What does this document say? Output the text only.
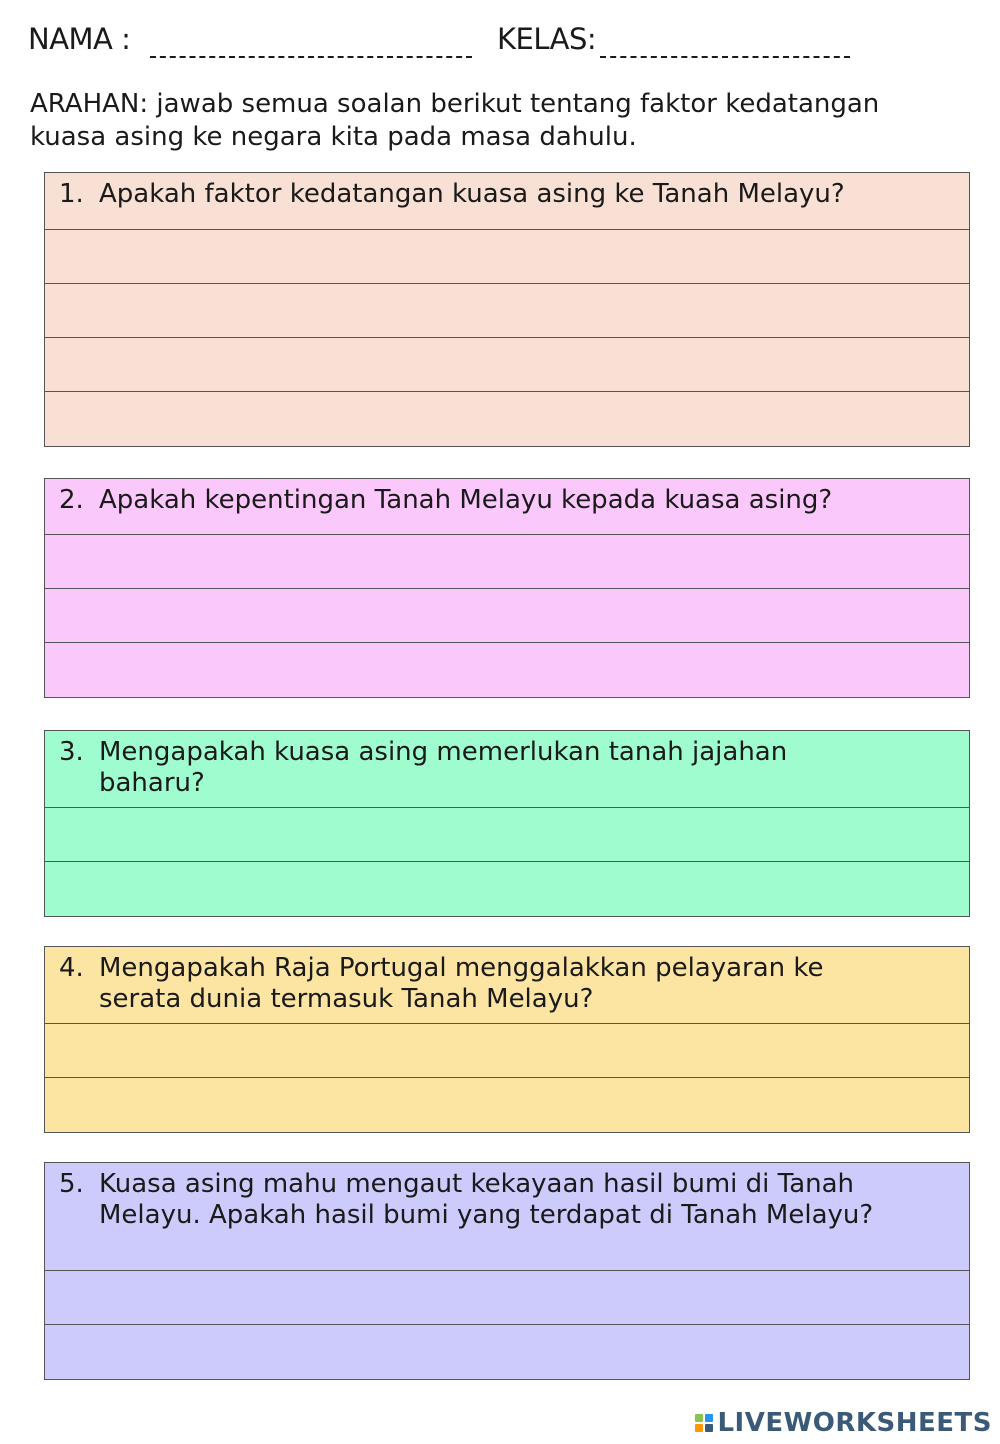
NAMA :	KELAS:
ARAHAN: jawab semua soalan berikut tentang faktor kedatangan kuasa asing ke negara kita pada masa dahulu.
1. Apakah faktor kedatangan kuasa asing ke Tanah Melayu?
2. Apakah kepentingan Tanah Melayu kepada kuasa asing?
3. Mengapakah kuasa asing memerlukan tanah jajahan baharu?
4. Mengapakah Raja Portugal menggalakkan pelayaran ke serata dunia termasuk Tanah Melayu?
5. Kuasa asing mahu mengaut kekayaan hasil bumi di Tanah Melayu. Apakah hasil bumi yang terdapat di Tanah Melayu?
LIVEWORKSHEETS
